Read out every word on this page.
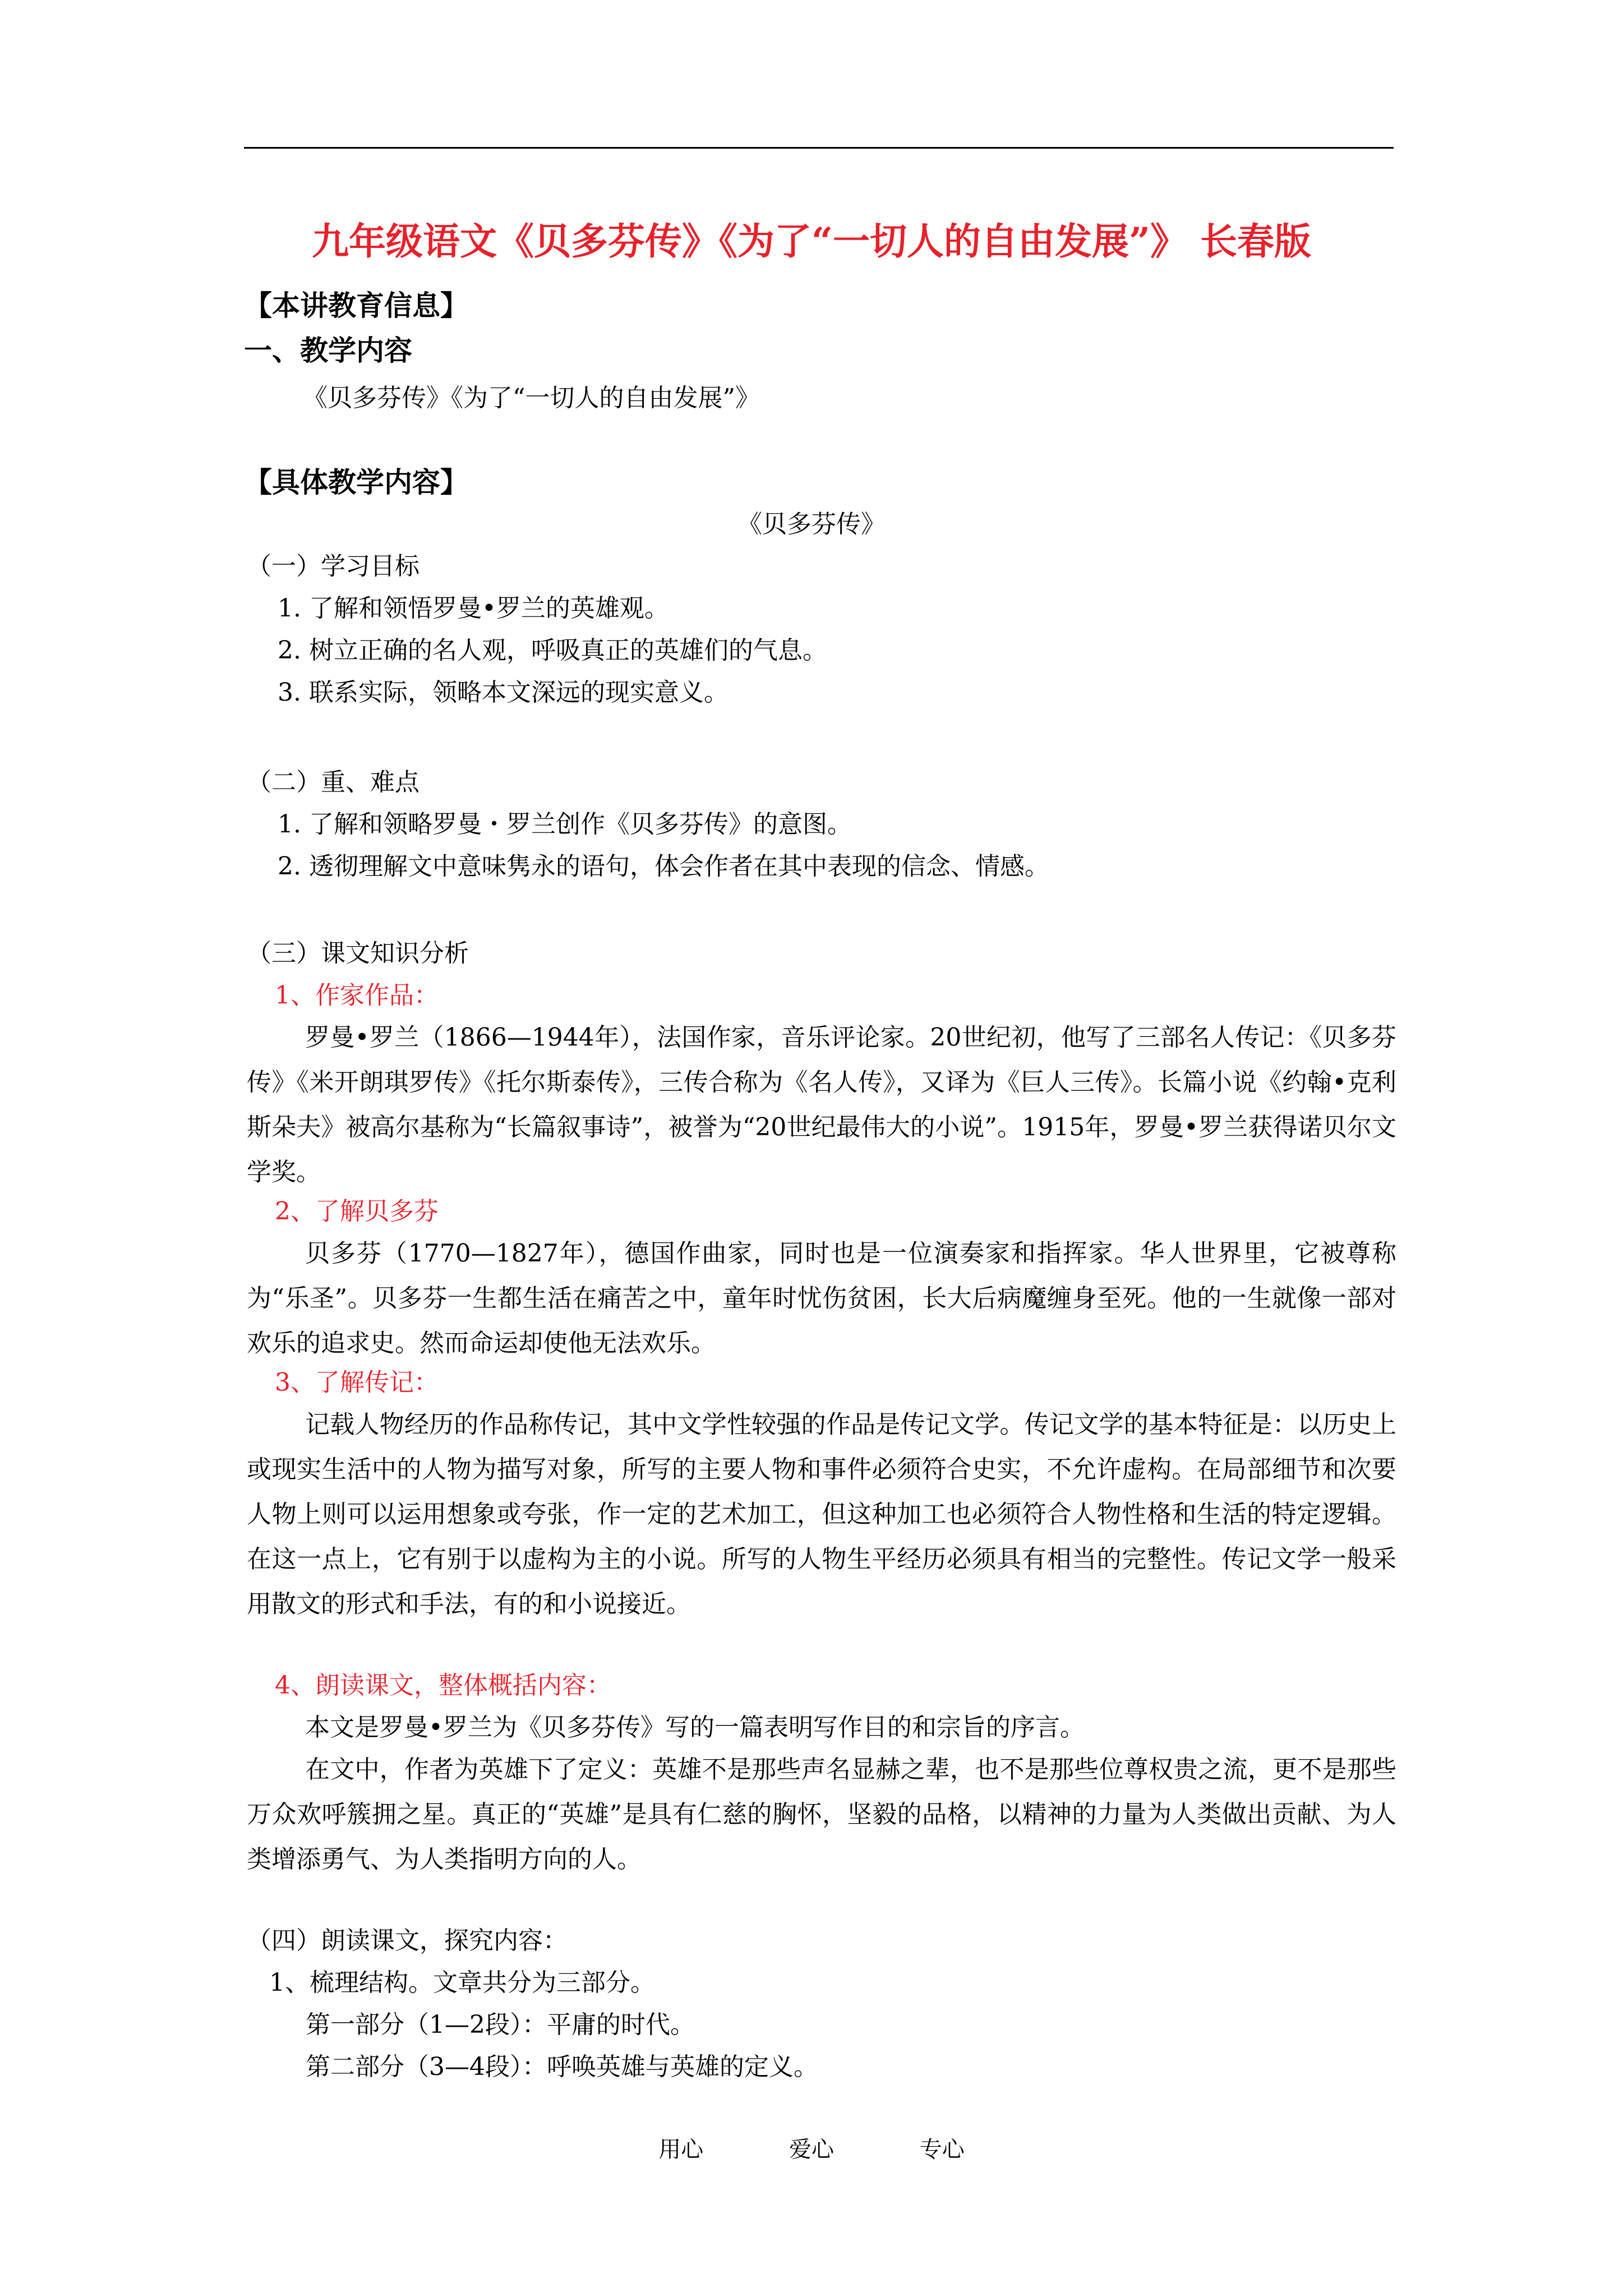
九年级语文《贝多芬传》《为了“一切人的自由发展”》 长春版
【本讲教育信息】
一、教学内容
《贝多芬传》《为了“一切人的自由发展”》
【具体教学内容】
《贝多芬传》
（一）学习目标
1. 了解和领悟罗曼•罗兰的英雄观。
2. 树立正确的名人观，呼吸真正的英雄们的气息。
3. 联系实际，领略本文深远的现实意义。
（二）重、难点
1. 了解和领略罗曼・罗兰创作《贝多芬传》的意图。
2. 透彻理解文中意味隽永的语句，体会作者在其中表现的信念、情感。
（三）课文知识分析
1、作家作品：

罗曼•罗兰（1866—1944年），法国作家，音乐评论家。20世纪初，他写了三部名人传记：《贝多芬传》《米开朗琪罗传》《托尔斯泰传》，三传合称为《名人传》，又译为《巨人三传》。长篇小说《约翰•克利斯朵夫》被高尔基称为“长篇叙事诗”，被誉为“20世纪最伟大的小说”。1915年，罗曼•罗兰获得诺贝尔文学奖。

2、了解贝多芬

贝多芬（1770—1827年），德国作曲家，同时也是一位演奏家和指挥家。华人世界里，它被尊称为“乐圣”。贝多芬一生都生活在痛苦之中，童年时忧伤贫困，长大后病魔缠身至死。他的一生就像一部对欢乐的追求史。然而命运却使他无法欢乐。

3、了解传记：

记载人物经历的作品称传记，其中文学性较强的作品是传记文学。传记文学的基本特征是：以历史上或现实生活中的人物为描写对象，所写的主要人物和事件必须符合史实，不允许虚构。在局部细节和次要人物上则可以运用想象或夸张，作一定的艺术加工，但这种加工也必须符合人物性格和生活的特定逻辑。在这一点上，它有别于以虚构为主的小说。所写的人物生平经历必须具有相当的完整性。传记文学一般采用散文的形式和手法，有的和小说接近。

4、朗读课文，整体概括内容：

本文是罗曼•罗兰为《贝多芬传》写的一篇表明写作目的和宗旨的序言。

在文中，作者为英雄下了定义：英雄不是那些声名显赫之辈，也不是那些位尊权贵之流，更不是那些万众欢呼簇拥之星。真正的“英雄”是具有仁慈的胸怀，坚毅的品格，以精神的力量为人类做出贡献、为人类增添勇气、为人类指明方向的人。

（四）朗读课文，探究内容：
1、梳理结构。文章共分为三部分。
第一部分（1—2段）：平庸的时代。
第二部分（3—4段）：呼唤英雄与英雄的定义。
用心	爱心	专心
